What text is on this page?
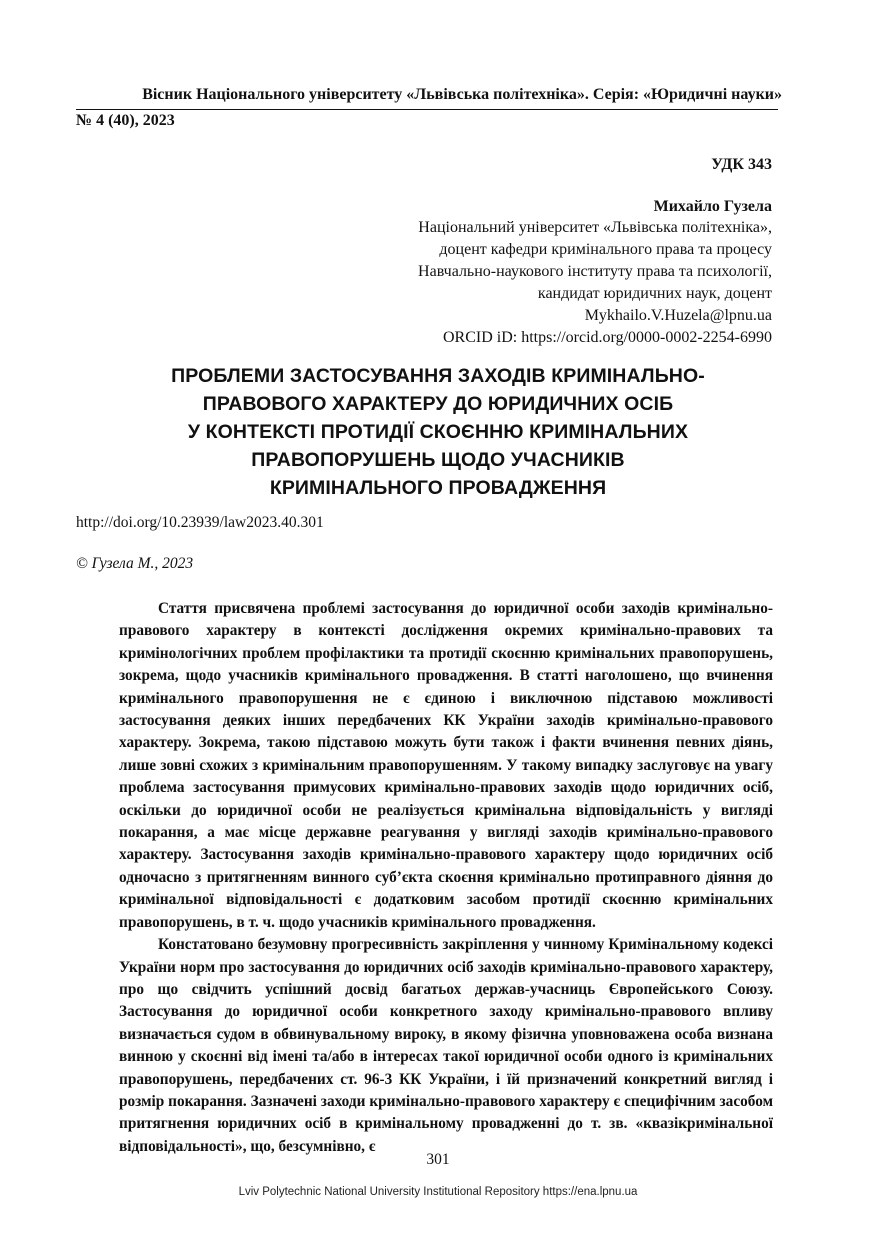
Вісник Національного університету «Львівська політехніка». Серія: «Юридичні науки»
№ 4 (40), 2023
УДК 343
Михайло Гузела
Національний університет «Львівська політехніка»,
доцент кафедри кримінального права та процесу
Навчально-наукового інституту права та психології,
кандидат юридичних наук, доцент
Mykhailo.V.Huzela@lpnu.ua
ORCID iD: https://orcid.org/0000-0002-2254-6990
ПРОБЛЕМИ ЗАСТОСУВАННЯ ЗАХОДІВ КРИМІНАЛЬНО-
ПРАВОВОГО ХАРАКТЕРУ ДО ЮРИДИЧНИХ ОСІБ
У КОНТЕКСТІ ПРОТИДІЇ СКОЄННЮ КРИМІНАЛЬНИХ
ПРАВОПОРУШЕНЬ ЩОДО УЧАСНИКІВ
КРИМІНАЛЬНОГО ПРОВАДЖЕННЯ
http://doi.org/10.23939/law2023.40.301
© Гузела М., 2023

Стаття присвячена проблемі застосування до юридичної особи заходів кримінально-правового характеру в контексті дослідження окремих кримінально-правових та кримінологічних проблем профілактики та протидії скоєнню кримінальних правопорушень, зокрема, щодо учасників кримінального провадження. В статті наголошено, що вчинення кримінального правопорушення не є єдиною і виключною підставою можливості застосування деяких інших передбачених КК України заходів кримінально-правового характеру. Зокрема, такою підставою можуть бути також і факти вчинення певних діянь, лише зовні схожих з кримінальним правопорушенням. У такому випадку заслуговує на увагу проблема застосування примусових кримінально-правових заходів щодо юридичних осіб, оскільки до юридичної особи не реалізується кримінальна відповідальність у вигляді покарання, а має місце державне реагування у вигляді заходів кримінально-правового характеру. Застосування заходів кримінально-правового характеру щодо юридичних осіб одночасно з притягненням винного суб’єкта скоєння кримінально протиправного діяння до кримінальної відповідальності є додатковим засобом протидії скоєнню кримінальних правопорушень, в т. ч. щодо учасників кримінального провадження.

Констатовано безумовну прогресивність закріплення у чинному Кримінальному кодексі України норм про застосування до юридичних осіб заходів кримінально-правового характеру, про що свідчить успішний досвід багатьох держав-учасниць Європейського Союзу. Застосування до юридичної особи конкретного заходу кримінально-правового впливу визначається судом в обвинувальному вироку, в якому фізична уповноважена особа визнана винною у скоєнні від імені та/або в інтересах такої юридичної особи одного із кримінальних правопорушень, передбачених ст. 96-3 КК України, і їй призначений конкретний вигляд і розмір покарання. Зазначені заходи кримінально-правового характеру є специфічним засобом притягнення юридичних осіб в кримінальному провадженні до т. зв. «квазікримінальної відповідальності», що, безсумнівно, є

301
Lviv Polytechnic National University Institutional Repository https://ena.lpnu.ua
